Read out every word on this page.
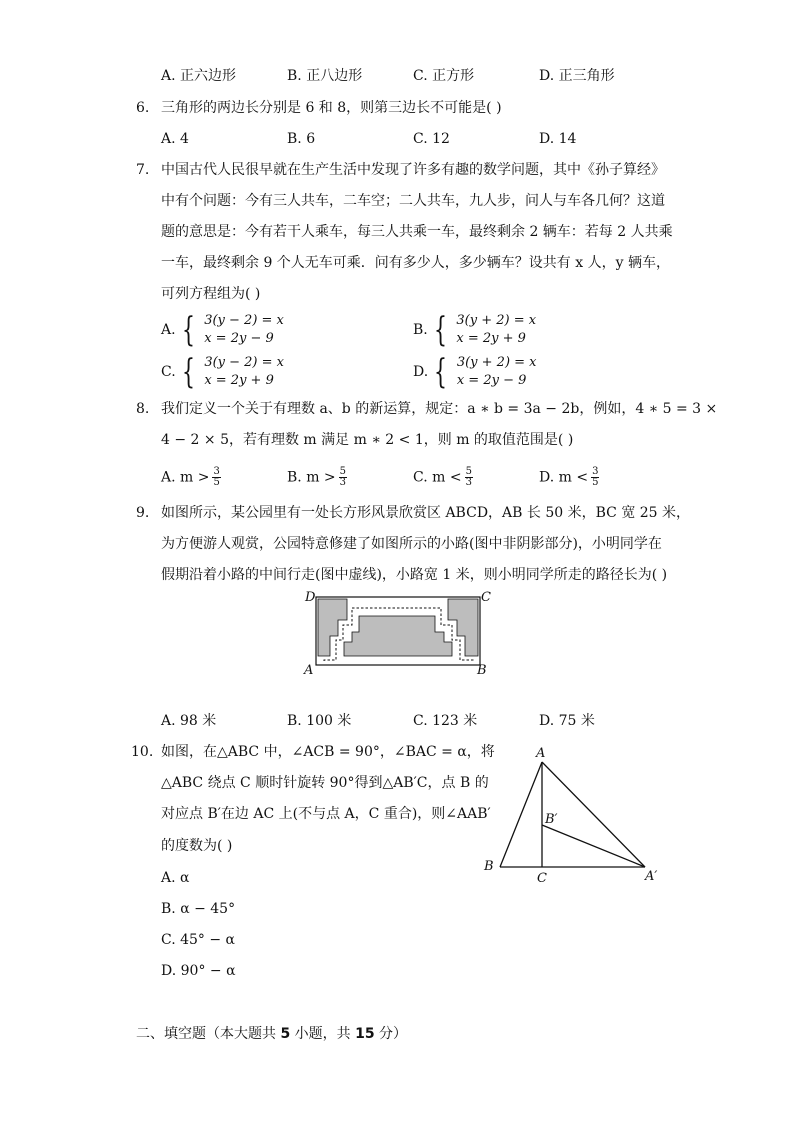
A. 正六边形	B. 正八边形	C. 正方形	D. 正三角形
6. 三角形的两边长分别是 6 和 8，则第三边长不可能是( )
A. 4	B. 6	C. 12	D. 14
7. 中国古代人民很早就在生产生活中发现了许多有趣的数学问题，其中《孙子算经》
中有个问题：今有三人共车，二车空；二人共车，九人步，问人与车各几何？这道
题的意思是：今有若干人乘车，每三人共乘一车，最终剩余 2 辆车：若每 2 人共乘
一车，最终剩余 9 个人无车可乘．问有多少人，多少辆车？设共有 x 人，y 辆车，
可列方程组为( )
A. { 3(y − 2) = x
x = 2y − 9
B. { 3(y + 2) = x
x = 2y + 9
C. { 3(y − 2) = x
x = 2y + 9
D. { 3(y + 2) = x
x = 2y − 9
8. 我们定义一个关于有理数 a、b 的新运算，规定：a ∗ b = 3a − 2b，例如，4 ∗ 5 = 3 ×
4 − 2 × 5，若有理数 m 满足 m ∗ 2 < 1，则 m 的取值范围是( )
A. $m > \frac{3}{5}$	B. $m > \frac{5}{3}$	C. $m < \frac{5}{3}$	D. $m < \frac{3}{5}$
9. 如图所示，某公园里有一处长方形风景欣赏区 ABCD，AB 长 50 米，BC 宽 25 米，
为方便游人观赏，公园特意修建了如图所示的小路(图中非阴影部分)，小明同学在
假期沿着小路的中间行走(图中虚线)，小路宽 1 米，则小明同学所走的路径长为( )
D	C
A	B
A. 98 米	B. 100 米	C. 123 米	D. 75 米
10. 如图，在△ABC 中，∠ACB = 90°，∠BAC = α，将
△ABC 绕点 C 顺时针旋转 90°得到△AB′C，点 B 的
对应点 B′在边 AC 上(不与点 A，C 重合)，则∠AAB′
的度数为( )
A
B
C
B′
A′
A. α
B. α − 45°
C. 45° − α
D. 90° − α
二、填空题（本大题共 5 小题，共 15 分）
